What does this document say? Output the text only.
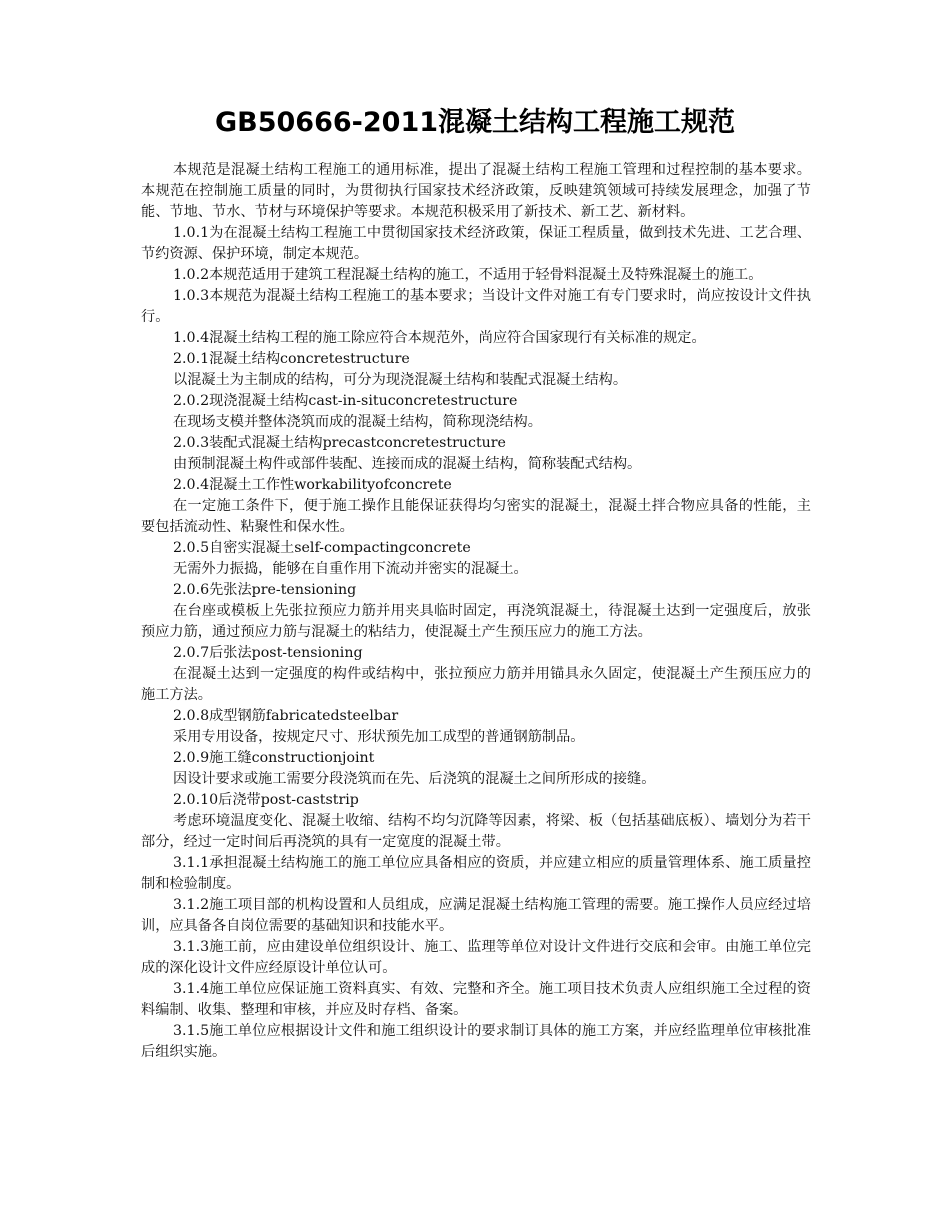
GB50666-2011混凝土结构工程施工规范

本规范是混凝土结构工程施工的通用标准，提出了混凝土结构工程施工管理和过程控制的基本要求。本规范在控制施工质量的同时，为贯彻执行国家技术经济政策，反映建筑领域可持续发展理念，加强了节能、节地、节水、节材与环境保护等要求。本规范积极采用了新技术、新工艺、新材料。

1.0.1为在混凝土结构工程施工中贯彻国家技术经济政策，保证工程质量，做到技术先进、工艺合理、节约资源、保护环境，制定本规范。

1.0.2本规范适用于建筑工程混凝土结构的施工，不适用于轻骨料混凝土及特殊混凝土的施工。

1.0.3本规范为混凝土结构工程施工的基本要求；当设计文件对施工有专门要求时，尚应按设计文件执行。

1.0.4混凝土结构工程的施工除应符合本规范外，尚应符合国家现行有关标准的规定。

2.0.1混凝土结构concretestructure

以混凝土为主制成的结构，可分为现浇混凝土结构和装配式混凝土结构。

2.0.2现浇混凝土结构cast-in-situconcretestructure

在现场支模并整体浇筑而成的混凝土结构，简称现浇结构。

2.0.3装配式混凝土结构precastconcretestructure

由预制混凝土构件或部件装配、连接而成的混凝土结构，简称装配式结构。

2.0.4混凝土工作性workabilityofconcrete

在一定施工条件下，便于施工操作且能保证获得均匀密实的混凝土，混凝土拌合物应具备的性能，主要包括流动性、粘聚性和保水性。

2.0.5自密实混凝土self-compactingconcrete

无需外力振捣，能够在自重作用下流动并密实的混凝土。

2.0.6先张法pre-tensioning

在台座或模板上先张拉预应力筋并用夹具临时固定，再浇筑混凝土，待混凝土达到一定强度后，放张预应力筋，通过预应力筋与混凝土的粘结力，使混凝土产生预压应力的施工方法。

2.0.7后张法post-tensioning

在混凝土达到一定强度的构件或结构中，张拉预应力筋并用锚具永久固定，使混凝土产生预压应力的施工方法。

2.0.8成型钢筋fabricatedsteelbar

采用专用设备，按规定尺寸、形状预先加工成型的普通钢筋制品。

2.0.9施工缝constructionjoint

因设计要求或施工需要分段浇筑而在先、后浇筑的混凝土之间所形成的接缝。

2.0.10后浇带post-caststrip

考虑环境温度变化、混凝土收缩、结构不均匀沉降等因素，将梁、板（包括基础底板）、墙划分为若干部分，经过一定时间后再浇筑的具有一定宽度的混凝土带。

3.1.1承担混凝土结构施工的施工单位应具备相应的资质，并应建立相应的质量管理体系、施工质量控制和检验制度。

3.1.2施工项目部的机构设置和人员组成，应满足混凝土结构施工管理的需要。施工操作人员应经过培训，应具备各自岗位需要的基础知识和技能水平。

3.1.3施工前，应由建设单位组织设计、施工、监理等单位对设计文件进行交底和会审。由施工单位完成的深化设计文件应经原设计单位认可。

3.1.4施工单位应保证施工资料真实、有效、完整和齐全。施工项目技术负责人应组织施工全过程的资料编制、收集、整理和审核，并应及时存档、备案。

3.1.5施工单位应根据设计文件和施工组织设计的要求制订具体的施工方案，并应经监理单位审核批准后组织实施。
